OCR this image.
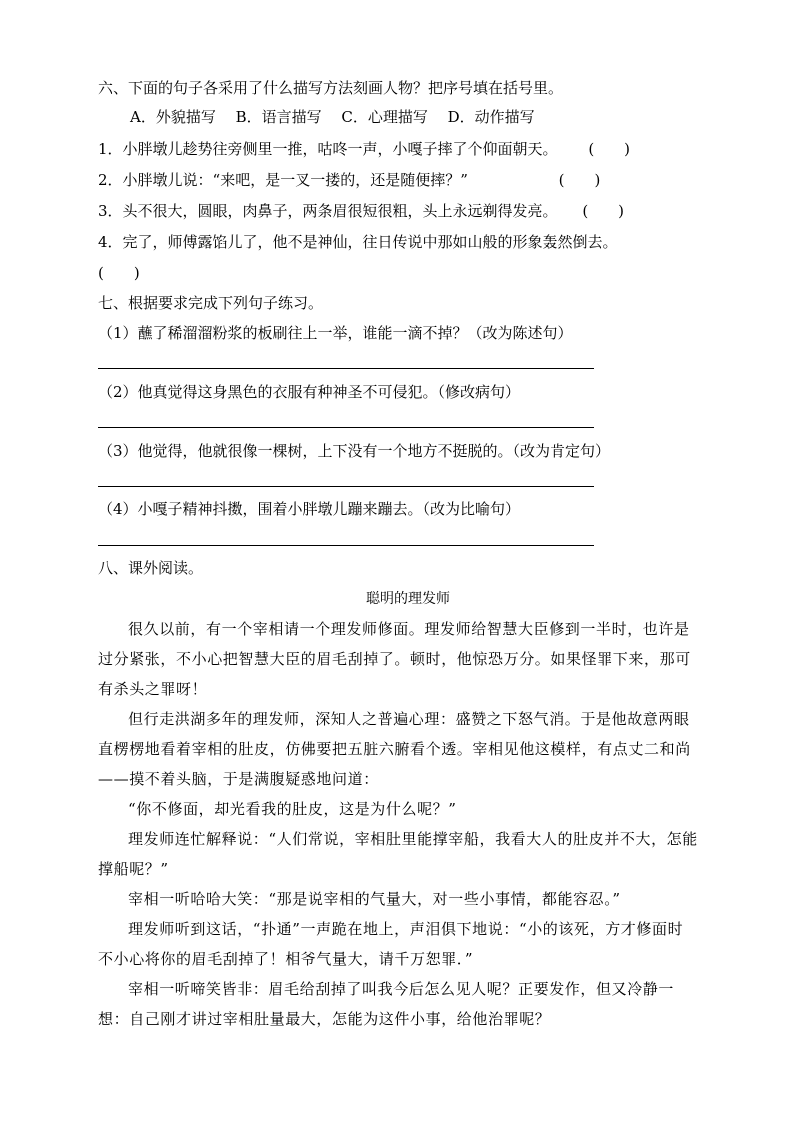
六、下面的句子各采用了什么描写方法刻画人物？把序号填在括号里。
A．外貌描写　 B．语言描写　 C．心理描写　 D．动作描写
1．小胖墩儿趁势往旁侧里一推，咕咚一声，小嘎子摔了个仰面朝天。 (　　)
2．小胖墩儿说：“来吧，是一叉一搂的，还是随便摔？”	(　　)
3．头不很大，圆眼，肉鼻子，两条眉很短很粗，头上永远剃得发亮。 (　　)
4．完了，师傅露馅儿了，他不是神仙，往日传说中那如山般的形象轰然倒去。
(　　)
七、根据要求完成下列句子练习。
（1）蘸了稀溜溜粉浆的板刷往上一举，谁能一滴不掉？（改为陈述句）
（2）他真觉得这身黑色的衣服有种神圣不可侵犯。（修改病句）
（3）他觉得，他就很像一棵树，上下没有一个地方不挺脱的。（改为肯定句）
（4）小嘎子精神抖擞，围着小胖墩儿蹦来蹦去。（改为比喻句）
八、课外阅读。
聪明的理发师

很久以前，有一个宰相请一个理发师修面。理发师给智慧大臣修到一半时，也许是过分紧张，不小心把智慧大臣的眉毛刮掉了。顿时，他惊恐万分。如果怪罪下来，那可有杀头之罪呀！

但行走洪湖多年的理发师，深知人之普遍心理：盛赞之下怒气消。于是他故意两眼直楞楞地看着宰相的肚皮，仿佛要把五脏六腑看个透。宰相见他这模样，有点丈二和尚——摸不着头脑，于是满腹疑惑地问道：

“你不修面，却光看我的肚皮，这是为什么呢？”

理发师连忙解释说：“人们常说，宰相肚里能撑宰船，我看大人的肚皮并不大，怎能撑船呢？”

宰相一听哈哈大笑：“那是说宰相的气量大，对一些小事情，都能容忍。”

理发师听到这话，“扑通”一声跪在地上，声泪俱下地说：“小的该死，方才修面时不小心将你的眉毛刮掉了！相爷气量大，请千万恕罪．”

宰相一听啼笑皆非：眉毛给刮掉了叫我今后怎么见人呢？正要发作，但又冷静一想：自己刚才讲过宰相肚量最大，怎能为这件小事，给他治罪呢？
